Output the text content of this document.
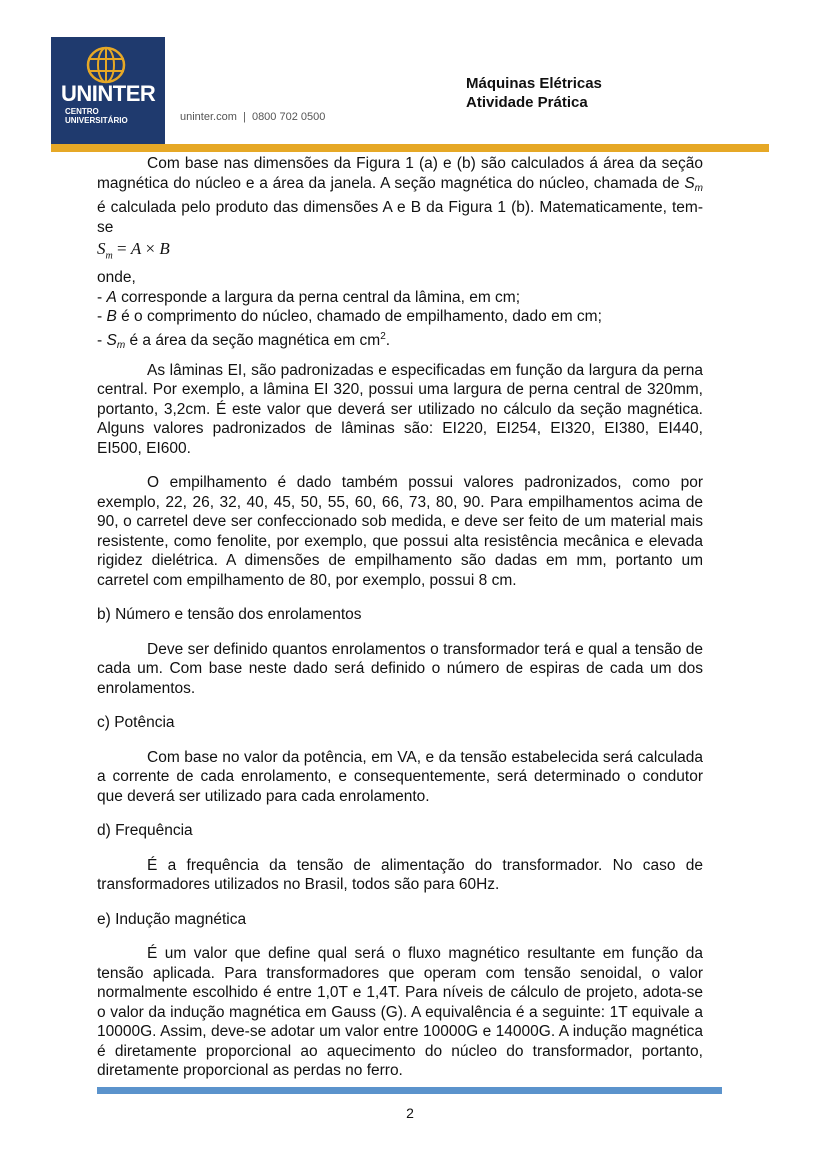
UNINTER
CENTRO
UNIVERSITÁRIO	uninter.com  |  0800 702 0500
Máquinas Elétricas
Atividade Prática

Com base nas dimensões da Figura 1 (a) e (b) são calculados á área da seção magnética do núcleo e a área da janela. A seção magnética do núcleo, chamada de Sm é calculada pelo produto das dimensões A e B da Figura 1 (b). Matematicamente, tem-se

$S_m = A \times B$

onde,

- A corresponde a largura da perna central da lâmina, em cm;

- B é o comprimento do núcleo, chamado de empilhamento, dado em cm;

- Sm é a área da seção magnética em $cm^2$.

As lâminas EI, são padronizadas e especificadas em função da largura da perna central. Por exemplo, a lâmina EI 320, possui uma largura de perna central de 320mm, portanto, 3,2cm. É este valor que deverá ser utilizado no cálculo da seção magnética. Alguns valores padronizados de lâminas são: EI220, EI254, EI320, EI380, EI440, EI500, EI600.

O empilhamento é dado também possui valores padronizados, como por exemplo, 22, 26, 32, 40, 45, 50, 55, 60, 66, 73, 80, 90. Para empilhamentos acima de 90, o carretel deve ser confeccionado sob medida, e deve ser feito de um material mais resistente, como fenolite, por exemplo, que possui alta resistência mecânica e elevada rigidez dielétrica. A dimensões de empilhamento são dadas em mm, portanto um carretel com empilhamento de 80, por exemplo, possui 8 cm.

b) Número e tensão dos enrolamentos

Deve ser definido quantos enrolamentos o transformador terá e qual a tensão de cada um. Com base neste dado será definido o número de espiras de cada um dos enrolamentos.

c) Potência

Com base no valor da potência, em VA, e da tensão estabelecida será calculada a corrente de cada enrolamento, e consequentemente, será determinado o condutor que deverá ser utilizado para cada enrolamento.

d) Frequência

É a frequência da tensão de alimentação do transformador. No caso de transformadores utilizados no Brasil, todos são para 60Hz.

e) Indução magnética

É um valor que define qual será o fluxo magnético resultante em função da tensão aplicada. Para transformadores que operam com tensão senoidal, o valor normalmente escolhido é entre 1,0T e 1,4T. Para níveis de cálculo de projeto, adota-se o valor da indução magnética em Gauss (G). A equivalência é a seguinte: 1T equivale a 10000G. Assim, deve-se adotar um valor entre 10000G e 14000G. A indução magnética é diretamente proporcional ao aquecimento do núcleo do transformador, portanto, diretamente proporcional as perdas no ferro.

2
